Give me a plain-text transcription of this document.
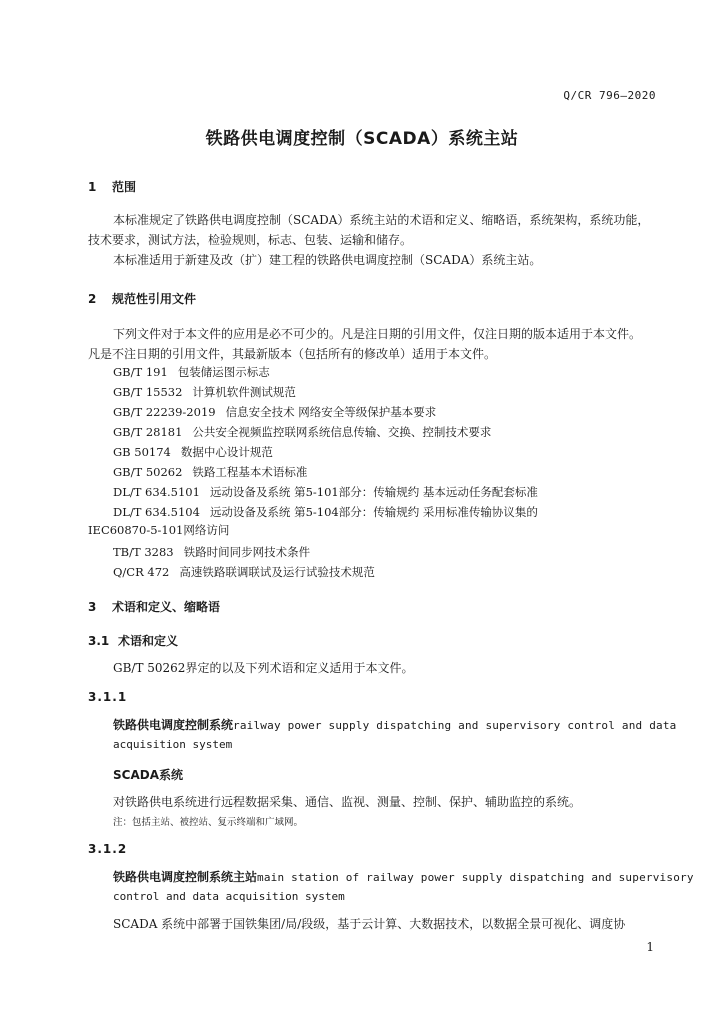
Q/CR 796—2020
铁路供电调度控制（SCADA）系统主站
1 范围
本标准规定了铁路供电调度控制（SCADA）系统主站的术语和定义、缩略语，系统架构，系统功能，
技术要求，测试方法，检验规则，标志、包装、运输和储存。
本标准适用于新建及改（扩）建工程的铁路供电调度控制（SCADA）系统主站。
2 规范性引用文件
下列文件对于本文件的应用是必不可少的。凡是注日期的引用文件，仅注日期的版本适用于本文件。
凡是不注日期的引用文件，其最新版本（包括所有的修改单）适用于本文件。
GB/T 191 包装储运图示标志
GB/T 15532 计算机软件测试规范
GB/T 22239-2019 信息安全技术 网络安全等级保护基本要求
GB/T 28181 公共安全视频监控联网系统信息传输、交换、控制技术要求
GB 50174 数据中心设计规范
GB/T 50262 铁路工程基本术语标准
DL/T 634.5101 远动设备及系统 第5-101部分：传输规约 基本远动任务配套标准
DL/T 634.5104 远动设备及系统 第5-104部分：传输规约 采用标准传输协议集的
IEC60870-5-101网络访问
TB/T 3283 铁路时间同步网技术条件
Q/CR 472 高速铁路联调联试及运行试验技术规范
3 术语和定义、缩略语
3.1 术语和定义
GB/T 50262界定的以及下列术语和定义适用于本文件。
3.1.1
铁路供电调度控制系统railway power supply dispatching and supervisory control and data
acquisition system
SCADA系统
对铁路供电系统进行远程数据采集、通信、监视、测量、控制、保护、辅助监控的系统。
注：包括主站、被控站、复示终端和广域网。
3.1.2
铁路供电调度控制系统主站main station of railway power supply dispatching and supervisory
control and data acquisition system
SCADA 系统中部署于国铁集团/局/段级，基于云计算、大数据技术，以数据全景可视化、调度协
1
